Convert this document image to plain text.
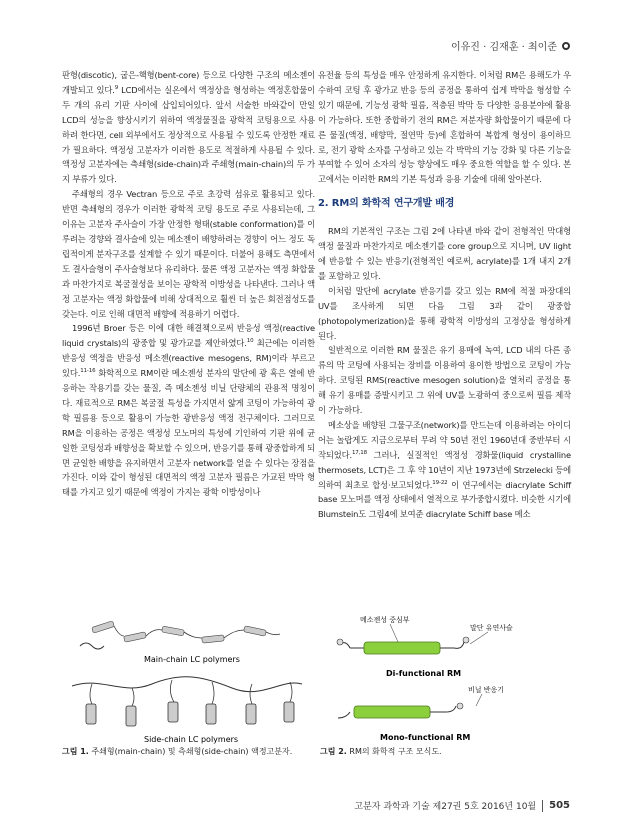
이유진 · 김재훈 · 최이준

판형(discotic), 굽은-핵형(bent-core) 등으로 다양한 구조의 메소젠이 개발되고 있다.$^9$ LCD에서는 실온에서 액정상을 형성하는 액정혼합물이 두 개의 유리 기판 사이에 삽입되어있다. 앞서 서술한 바와같이 만일 LCD의 성능을 향상시키기 위하여 액정물질을 광학적 코팅용으로 사용하려 한다면, cell 외부에서도 정상적으로 사용될 수 있도록 안정한 재료가 필요하다. 액정성 고분자가 이러한 용도로 적절하게 사용될 수 있다. 액정성 고분자에는 측쇄형(side-chain)과 주쇄형(main-chain)의 두 가지 부류가 있다.

주쇄형의 경우 Vectran 등으로 주로 초강력 섬유로 활용되고 있다. 반면 측쇄형의 경우가 이러한 광학적 코팅 용도로 주로 사용되는데, 그 이유는 고분자 주사슬이 가장 안정한 형태(stable conformation)를 이루려는 경향와 결사슬에 있는 메소젠이 배향하려는 경향이 어느 정도 독립적이게 분자구조를 설계할 수 있기 때문이다. 더불어 용해도 측면에서도 결사슬형이 주사슬형보다 유리하다. 물론 액정 고분자는 액정 화합물과 마찬가지로 복굴절성을 보이는 광학적 이방성을 나타낸다. 그러나 액정 고분자는 액정 화합물에 비해 상대적으로 훨씬 더 높은 회전점성도를 갖는다. 이로 인해 대면적 배향에 적용하기 어렵다.

1996년 Broer 등은 이에 대한 해결책으로써 반응성 액정(reactive liquid crystals)의 광중합 및 광가교를 제안하였다.$^{10}$ 최근에는 이러한 반응성 액정을 반응성 메소젠(reactive mesogens, RM)이라 부르고 있다.$^{11-16}$ 화학적으로 RM이란 메소젠성 분자의 말단에 광 혹은 열에 반응하는 작용기를 갖는 물질, 즉 메소젠성 비닐 단량체의 관용적 명칭이다. 재료적으로 RM은 복굴절 특성을 가지면서 얇게 코팅이 가능하여 광학 필름용 등으로 활용이 가능한 광반응성 액정 전구체이다. 그러므로 RM을 이용하는 공정은 액정성 모노머의 특성에 기인하여 기판 위에 균일한 코팅성과 배향성을 확보할 수 있으며, 반응기를 통해 광중합하게 되면 균일한 배향을 유지하면서 고분자 network를 얻을 수 있다는 장점을 가진다. 이와 같이 형성된 대면적의 액정 고분자 필름은 가교된 박막 형태를 가지고 있기 때문에 액정이 가지는 광학 이방성이나

유전율 등의 특성을 매우 안정하게 유지한다. 이처럼 RM은 용해도가 우수하여 코팅 후 광가교 반응 등의 공정을 통하여 쉽게 박막을 형성할 수 있기 때문에, 기능성 광학 필름, 적층된 박막 등 다양한 응용분야에 활용이 가능하다. 또한 중합하기 전의 RM은 저분자량 화합물이기 때문에 다른 물질(액정, 배향막, 절연막 등)에 혼합하여 복합계 형성이 용이하므로, 전기 광학 소자를 구성하고 있는 각 박막의 기능 강화 및 다른 기능을 부여할 수 있어 소자의 성능 향상에도 매우 중요한 역할을 할 수 있다. 본 고에서는 이러한 RM의 기본 특성과 응용 기술에 대해 알아본다.

2. RM의 화학적 연구개발 배경

RM의 기본적인 구조는 그림 2에 나타낸 바와 같이 전형적인 막대형 액정 물질과 마찬가지로 메소젠기를 core group으로 지니며, UV light에 반응할 수 있는 반응기(전형적인 예로써, acrylate)를 1개 내지 2개를 포함하고 있다.

이처럼 말단에 acrylate 반응기를 갖고 있는 RM에 적절 파장대의 UV를 조사하게 되면 다음 그림 3과 같이 광중합(photopolymerization)을 통해 광학적 이방성의 고정상을 형성하게 된다.

일반적으로 이러한 RM 물질은 유기 용매에 녹여, LCD 내의 다른 종류의 막 코팅에 사용되는 장비를 이용하여 용이한 방법으로 코팅이 가능하다. 코팅된 RMS(reactive mesogen solution)을 열처리 공정을 통해 유기 용매를 증발시키고 그 위에 UV를 노광하여 중으로써 필름 제작이 가능하다.

메소상을 배향된 그물구조(network)를 만드는데 이용하려는 아이디어는 놀랍게도 지금으로부터 무려 약 50년 전인 1960년대 중반부터 시작되었다.$^{17,18}$ 그러나, 실질적인 액정성 경화물(liquid crystalline thermosets, LCT)은 그 후 약 10년이 지난 1973년에 Strzelecki 등에 의하여 최초로 합성·보고되었다.$^{19-22}$ 이 연구에서는 diacrylate Schiff base 모노머를 액정 상태에서 열적으로 부가중합시켰다. 비슷한 시기에 Blumstein도 그림4에 보여준 diacrylate Schiff base 메소

Main-chain LC polymers
Side-chain LC polymers
그림 1. 주쇄형(main-chain) 및 측쇄형(side-chain) 액정고분자.
메소젠성 중심부
말단 유연사슬
Di-functional RM
비닐 반응기
Mono-functional RM
그림 2. RM의 화학적 구조 모식도.
고분자 과학과 기술 제27권 5호 2016년 10월 505
